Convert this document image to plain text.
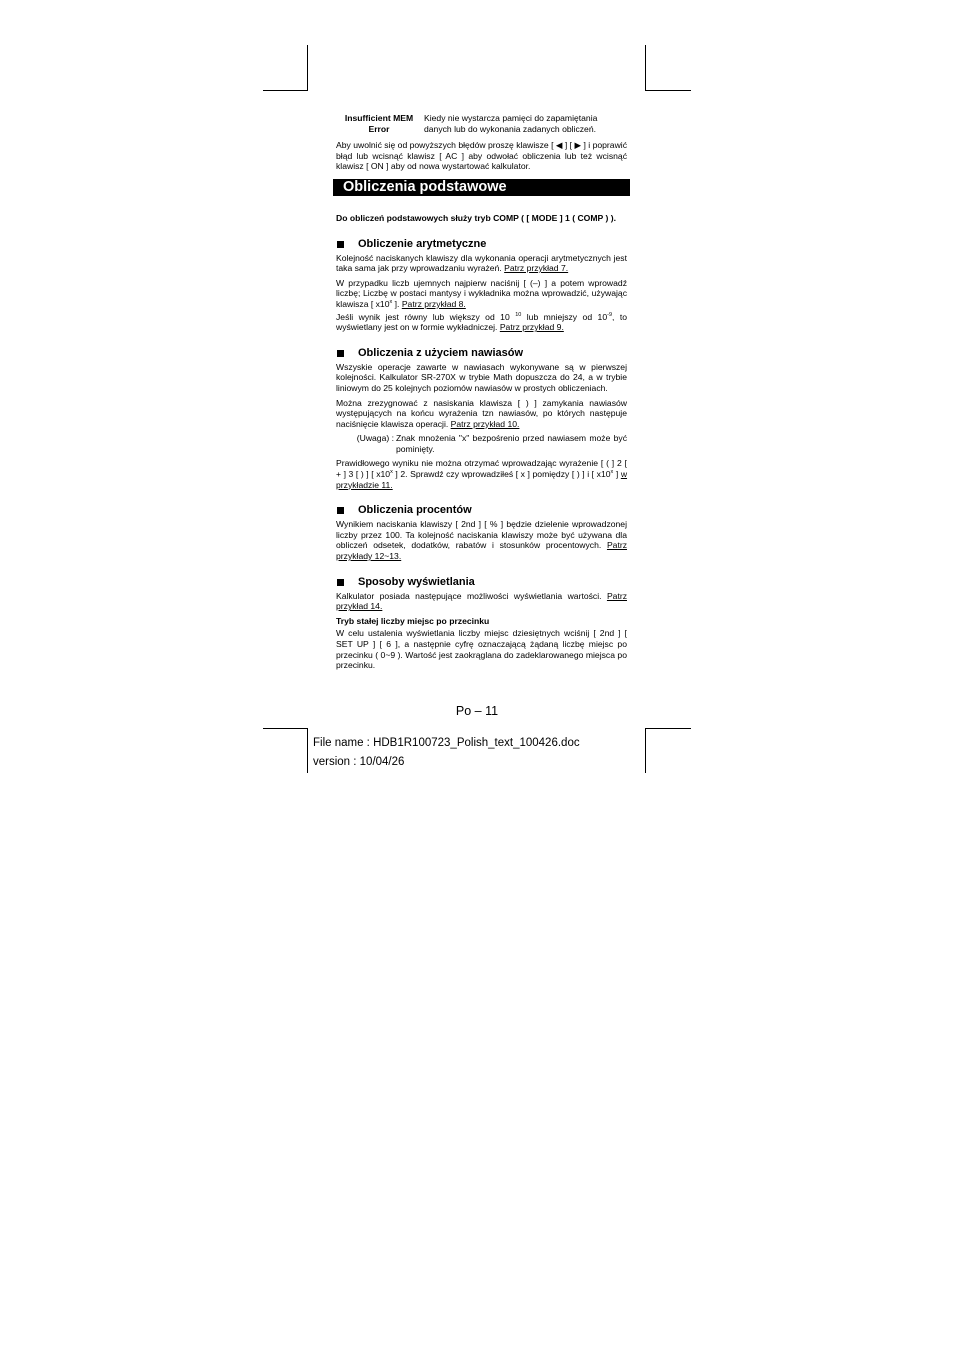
Insufficient MEM Error
Kiedy nie wystarcza pamięci do zapamiętania danych lub do wykonania zadanych obliczeń.

Aby uwolnić się od powyższych błędów proszę klawisze [ ◀ ] [ ▶ ] i poprawić błąd lub wcisnąć klawisz [ AC ] aby odwołać obliczenia lub też wcisnąć klawisz [ ON ] aby od nowa wystartować kalkulator.

Obliczenia podstawowe

Do obliczeń podstawowych służy tryb COMP ( [ MODE ] 1 ( COMP ) ).

Obliczenie arytmetyczne

Kolejność naciskanych klawiszy dla wykonania operacji arytmetycznych jest taka sama jak przy wprowadzaniu wyrażeń. Patrz przykład 7.

W przypadku liczb ujemnych najpierw naciśnij [ (–) ] a potem wprowadź liczbę; Liczbę w postaci mantysy i wykładnika można wprowadzić, używając klawisza [ x10$^x$ ]. Patrz przykład 8.

Jeśli wynik jest równy lub większy od 10 $^{10}$ lub mniejszy od $10^{-9}$, to wyświetlany jest on w formie wykładniczej. Patrz przykład 9.

Obliczenia z użyciem nawiasów

Wszyskie operacje zawarte w nawiasach wykonywane są w pierwszej kolejności. Kalkulator SR-270X w trybie Math dopuszcza do 24, a w trybie liniowym do 25 kolejnych poziomów nawiasów w prostych obliczeniach.

Można zrezygnować z nasiskania klawisza [ ) ] zamykania nawiasów występujących na końcu wyrażenia tzn nawiasów, po których następuje naciśnięcie klawisza operacji. Patrz przykład 10.

(Uwaga) : Znak mnożenia "x" bezpośrenio przed nawiasem może być pominięty.

Prawidłowego wyniku nie można otrzymać wprowadzając wyrażenie [ ( ] 2 [ + ] 3 [ ) ] [ x10$^x$ ] 2. Sprawdź czy wprowadziłeś [ x ] pomiędzy [ ) ] i [ x10$^x$ ] w przykładzie 11.

Obliczenia procentów

Wynikiem naciskania klawiszy [ 2nd ] [ % ] będzie dzielenie wprowadzonej liczby przez 100. Ta kolejność naciskania klawiszy może być używana dla obliczeń odsetek, dodatków, rabatów i stosunków procentowych. Patrz przykłady 12~13.

Sposoby wyświetlania

Kalkulator posiada następujące możliwości wyświetlania wartości. Patrz przykład 14.

Tryb stałej liczby miejsc po przecinku

W celu ustalenia wyświetlania liczby miejsc dziesiętnych wciśnij [ 2nd ] [ SET UP ] [ 6 ], a następnie cyfrę oznaczającą żądaną liczbę miejsc po przecinku ( 0~9 ). Wartość jest zaokrąglana do zadeklarowanego miejsca po przecinku.

Po – 11
File name : HDB1R100723_Polish_text_100426.doc
version : 10/04/26
